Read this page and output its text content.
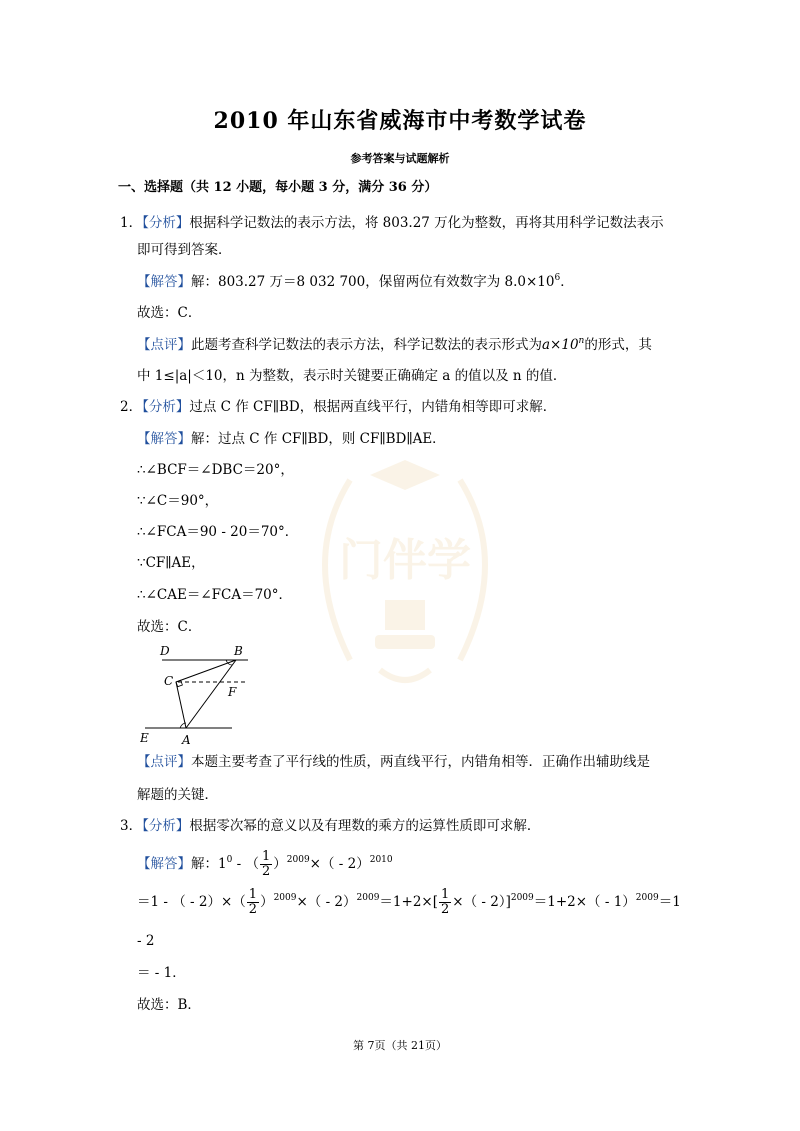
门伴学
2010 年山东省威海市中考数学试卷
参考答案与试题解析
一、选择题（共 12 小题，每小题 3 分，满分 36 分）
1．【分析】根据科学记数法的表示方法，将 803.27 万化为整数，再将其用科学记数法表示
即可得到答案．
【解答】解：803.27 万＝8 032 700，保留两位有效数字为 $8.0\times 10^6$．
故选：C．
【点评】此题考查科学记数法的表示方法，科学记数法的表示形式为$a\times 10^n$的形式，其
中 1≤|a|＜10，n 为整数，表示时关键要正确确定 a 的值以及 n 的值．
2．【分析】过点 C 作 CF∥BD，根据两直线平行，内错角相等即可求解．
【解答】解：过点 C 作 CF∥BD，则 CF∥BD∥AE．
∴∠BCF＝∠DBC＝20°，
∵∠C＝90°，
∴∠FCA＝90 - 20＝70°．
∵CF∥AE，
∴∠CAE＝∠FCA＝70°．
故选：C．
D	B
C
F
E	A
【点评】本题主要考查了平行线的性质，两直线平行，内错角相等．正确作出辅助线是
解题的关键．
3．【分析】根据零次幂的意义以及有理数的乘方的运算性质即可求解．
【解答】解：$1^0$ - （ $\frac{1}{2} )^{2009}\times( - 2)^{2010}$
＝1 - （ - $2)\times( \frac{1}{2} )^{2009}\times( - 2)^{2009}=1+2\times[ \frac{1}{2}$ ×（ - 2）]$^{2009}$＝1+2×（ - 1）$^{2009}$＝1
- 2
＝ - 1．
故选：B．
第 7页（共 21页）
